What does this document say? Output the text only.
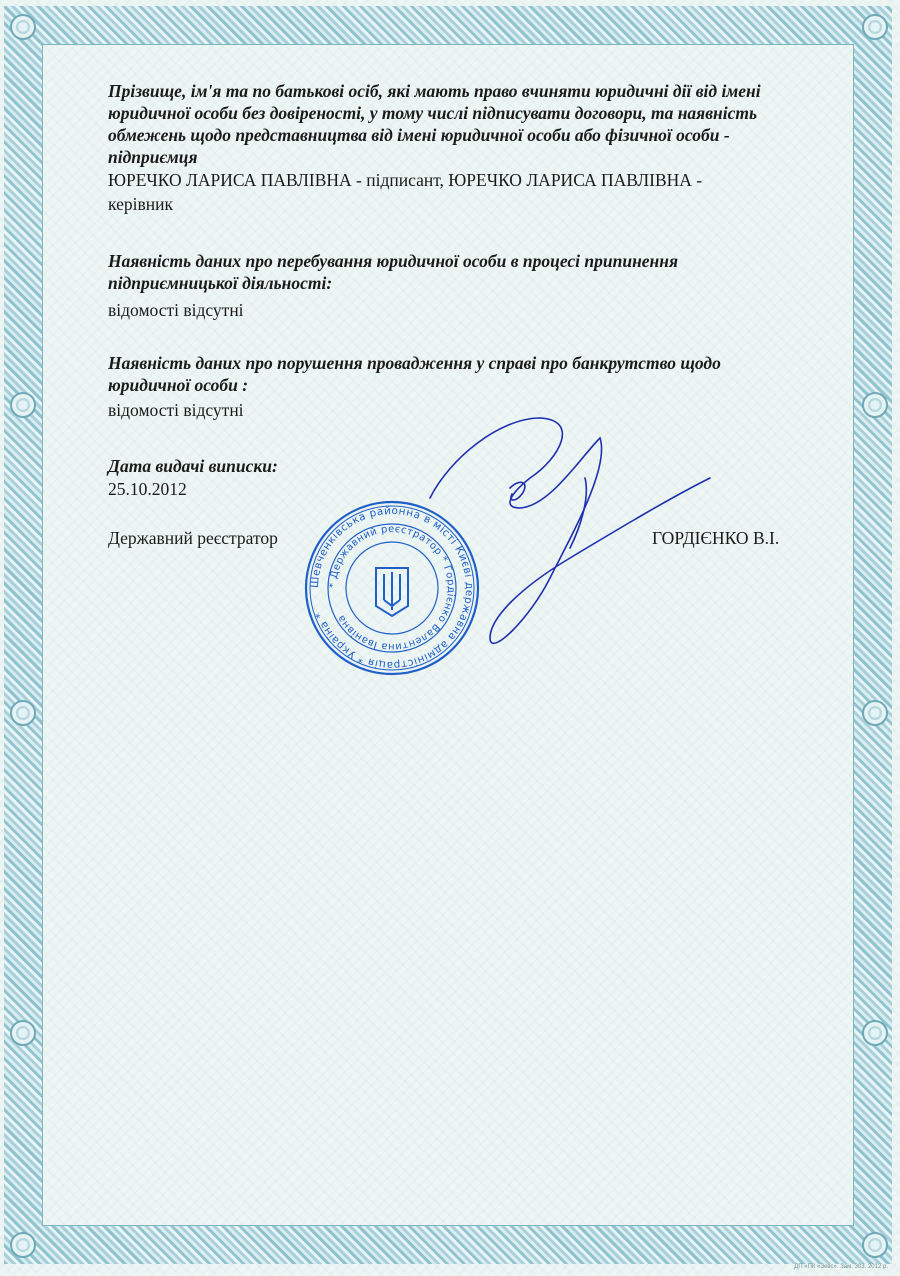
Прізвище, ім'я та по батькові осіб, які мають право вчиняти юридичні дії від імені юридичної особи без довіреності, у тому числі підписувати договори, та наявність обмежень щодо представництва від імені юридичної особи або фізичної особи - підприємця

ЮРЕЧКО ЛАРИСА ПАВЛІВНА - підписант, ЮРЕЧКО ЛАРИСА ПАВЛІВНА - керівник

Наявність даних про перебування юридичної особи в процесі припинення підприємницької діяльності:

відомості відсутні

Наявність даних про порушення провадження у справі про банкрутство щодо юридичної особи :

відомості відсутні

Дата видачі виписки:

25.10.2012

Державний реєстратор	ГОРДІЄНКО В.І.
Шевченківська районна в місті Києві державна адміністрація * Україна *
* Державний реєстратор * Гордієнко Валентина Іванівна
ДП «ПК «Зевс». Зам. 303. 2012 р.
